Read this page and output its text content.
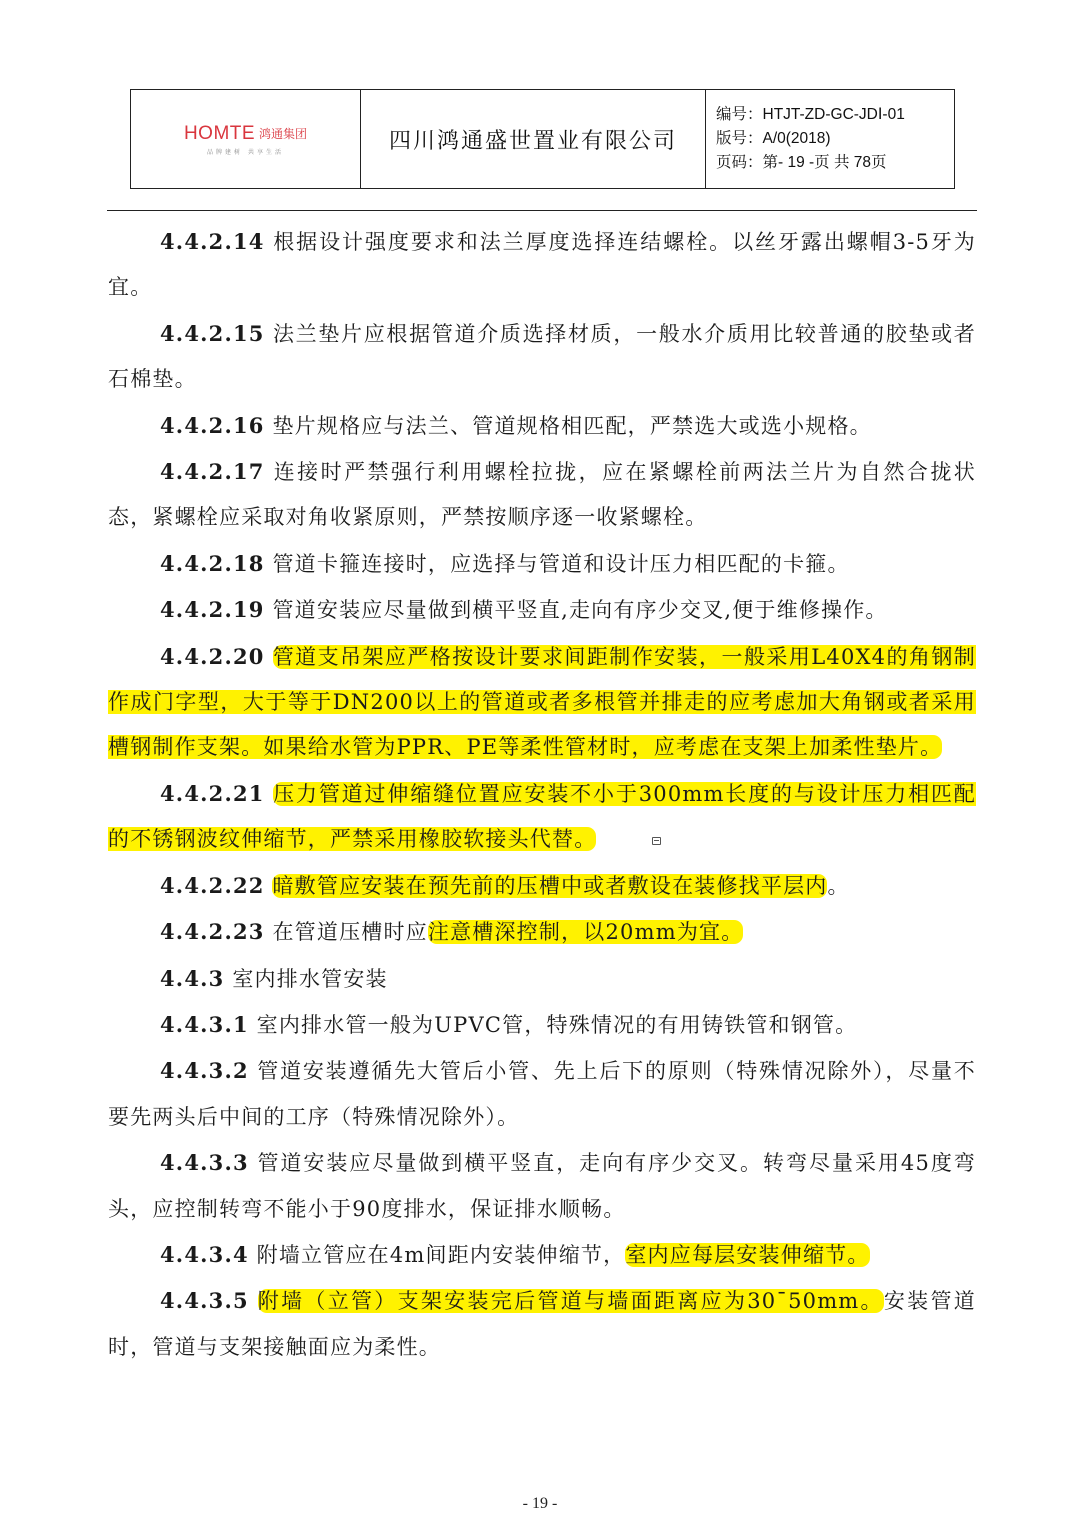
HOMTE 鸿通集团
品牌建树 共享生活	四川鸿通盛世置业有限公司
编号：HTJT-ZD-GC-JDⅠ-01
版号：A/0(2018)
页码：第- 19 -页 共 78页

4.4.2.14 根据设计强度要求和法兰厚度选择连结螺栓。以丝牙露出螺帽3-5牙为宜。

4.4.2.15 法兰垫片应根据管道介质选择材质，一般水介质用比较普通的胶垫或者石棉垫。

4.4.2.16 垫片规格应与法兰、管道规格相匹配，严禁选大或选小规格。

4.4.2.17 连接时严禁强行利用螺栓拉拢，应在紧螺栓前两法兰片为自然合拢状态，紧螺栓应采取对角收紧原则，严禁按顺序逐一收紧螺栓。

4.4.2.18 管道卡箍连接时，应选择与管道和设计压力相匹配的卡箍。

4.4.2.19 管道安装应尽量做到横平竖直,走向有序少交叉,便于维修操作。

4.4.2.20 管道支吊架应严格按设计要求间距制作安装，一般采用L40X4的角钢制作成门字型，大于等于DN200以上的管道或者多根管并排走的应考虑加大角钢或者采用槽钢制作支架。如果给水管为PPR、PE等柔性管材时，应考虑在支架上加柔性垫片。

4.4.2.21 压力管道过伸缩缝位置应安装不小于300mm长度的与设计压力相匹配的不锈钢波纹伸缩节，严禁采用橡胶软接头代替。

4.4.2.22 暗敷管应安装在预先前的压槽中或者敷设在装修找平层内。

4.4.2.23 在管道压槽时应注意槽深控制，以20mm为宜。

4.4.3 室内排水管安装

4.4.3.1 室内排水管一般为UPVC管，特殊情况的有用铸铁管和钢管。

4.4.3.2 管道安装遵循先大管后小管、先上后下的原则（特殊情况除外），尽量不要先两头后中间的工序（特殊情况除外）。

4.4.3.3 管道安装应尽量做到横平竖直，走向有序少交叉。转弯尽量采用45度弯头，应控制转弯不能小于90度排水，保证排水顺畅。

4.4.3.4 附墙立管应在4m间距内安装伸缩节，室内应每层安装伸缩节。

4.4.3.5 附墙（立管）支架安装完后管道与墙面距离应为30¯50mm。安装管道时，管道与支架接触面应为柔性。

- 19 -
